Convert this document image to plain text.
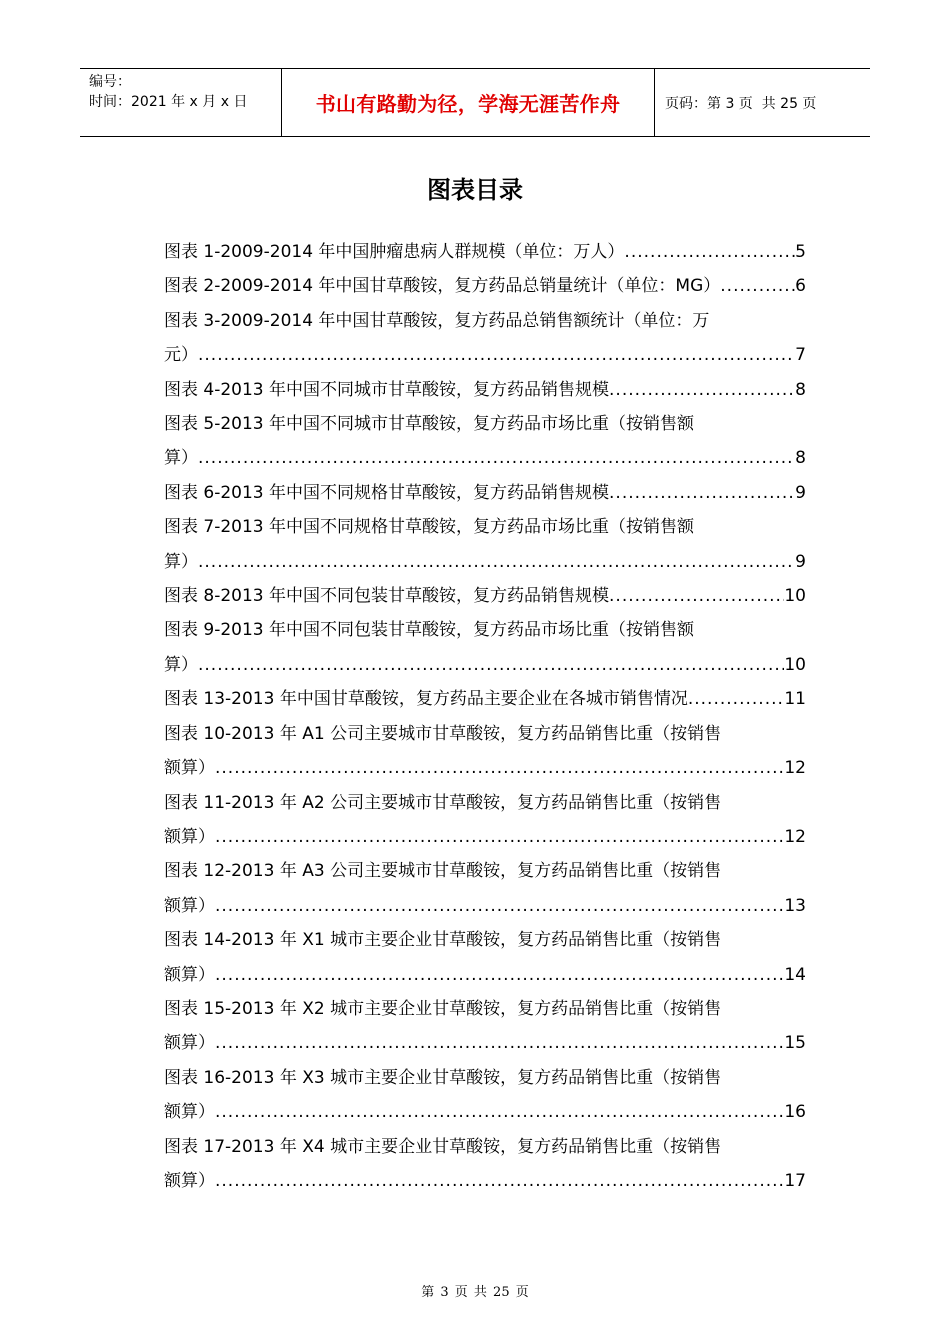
编号：
时间：2021 年 x 月 x 日	书山有路勤为径，学海无涯苦作舟	页码：第 3 页  共 25 页
图表目录
图表 1-2009-2014 年中国肿瘤患病人群规模（单位：万人） .....	5
图表 2-2009-2014 年中国甘草酸铵，复方药品总销量统计（单位：MG） .....	6
图表 3-2009-2014 年中国甘草酸铵，复方药品总销售额统计（单位：万
元） .....	7
图表 4-2013 年中国不同城市甘草酸铵，复方药品销售规模 .....	8
图表 5-2013 年中国不同城市甘草酸铵，复方药品市场比重（按销售额
算） .....	8
图表 6-2013 年中国不同规格甘草酸铵，复方药品销售规模 .....	9
图表 7-2013 年中国不同规格甘草酸铵，复方药品市场比重（按销售额
算） .....	9
图表 8-2013 年中国不同包装甘草酸铵，复方药品销售规模 .....	10
图表 9-2013 年中国不同包装甘草酸铵，复方药品市场比重（按销售额
算） .....	10
图表 13-2013 年中国甘草酸铵，复方药品主要企业在各城市销售情况 .....	11
图表 10-2013 年 A1 公司主要城市甘草酸铵，复方药品销售比重（按销售
额算） .....	12
图表 11-2013 年 A2 公司主要城市甘草酸铵，复方药品销售比重（按销售
额算） .....	12
图表 12-2013 年 A3 公司主要城市甘草酸铵，复方药品销售比重（按销售
额算） .....	13
图表 14-2013 年 X1 城市主要企业甘草酸铵，复方药品销售比重（按销售
额算） .....	14
图表 15-2013 年 X2 城市主要企业甘草酸铵，复方药品销售比重（按销售
额算） .....	15
图表 16-2013 年 X3 城市主要企业甘草酸铵，复方药品销售比重（按销售
额算） .....	16
图表 17-2013 年 X4 城市主要企业甘草酸铵，复方药品销售比重（按销售
额算） .....	17
第 3 页 共 25 页
